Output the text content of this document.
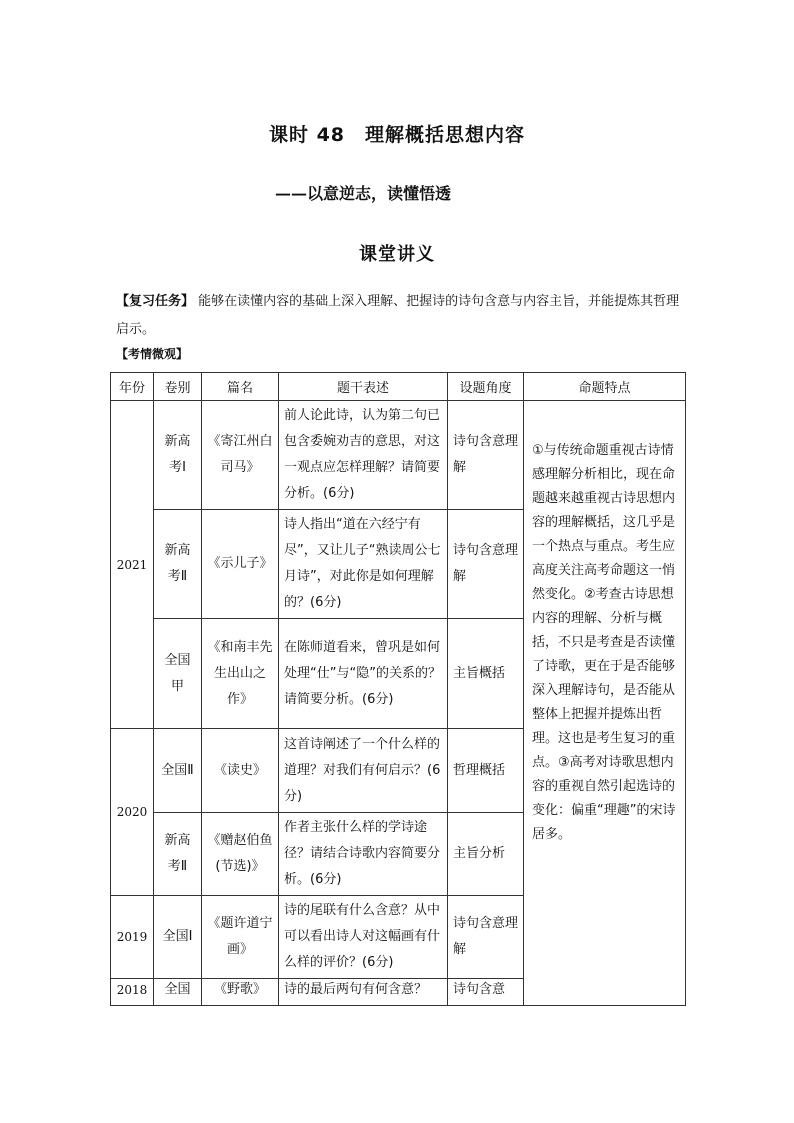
课时 48　理解概括思想内容
——以意逆志，读懂悟透
课堂讲义
【复习任务】 能够在读懂内容的基础上深入理解、把握诗的诗句含意与内容主旨，并能提炼其哲理启示。
【考情微观】
年份	卷别	篇名	题干表述	设题角度	命题特点
2021	新高考Ⅰ	《寄江州白司马》	前人论此诗，认为第二句已包含委婉劝吉的意思，对这一观点应怎样理解？请简要分析。(6分)	诗句含意理解	①与传统命题重视古诗情感理解分析相比，现在命题越来越重视古诗思想内容的理解概括，这几乎是一个热点与重点。考生应高度关注高考命题这一悄然变化。②考查古诗思想内容的理解、分析与概括，不只是考查是否读懂了诗歌，更在于是否能够深入理解诗句，是否能从整体上把握并提炼出哲理。这也是考生复习的重点。③高考对诗歌思想内容的重视自然引起选诗的变化：偏重“理趣”的宋诗居多。
	新高考Ⅱ	《示儿子》	诗人指出“道在六经宁有尽”，又让儿子“熟读周公七月诗”，对此你是如何理解的？(6分)	诗句含意理解	
	全国甲	《和南丰先生出山之作》	在陈师道看来，曾巩是如何处理“仕”与“隐”的关系的？请简要分析。(6分)	主旨概括	
2020	全国Ⅱ	《读史》	这首诗阐述了一个什么样的道理？对我们有何启示？(6分)	哲理概括	
	新高考Ⅱ	《赠赵伯鱼(节选)》	作者主张什么样的学诗途径？请结合诗歌内容简要分析。(6分)	主旨分析	
2019	全国Ⅰ	《题许道宁画》	诗的尾联有什么含意？从中可以看出诗人对这幅画有什么样的评价？(6分)	诗句含意理解	
2018	全国	《野歌》	诗的最后两句有何含意？	诗句含意	
